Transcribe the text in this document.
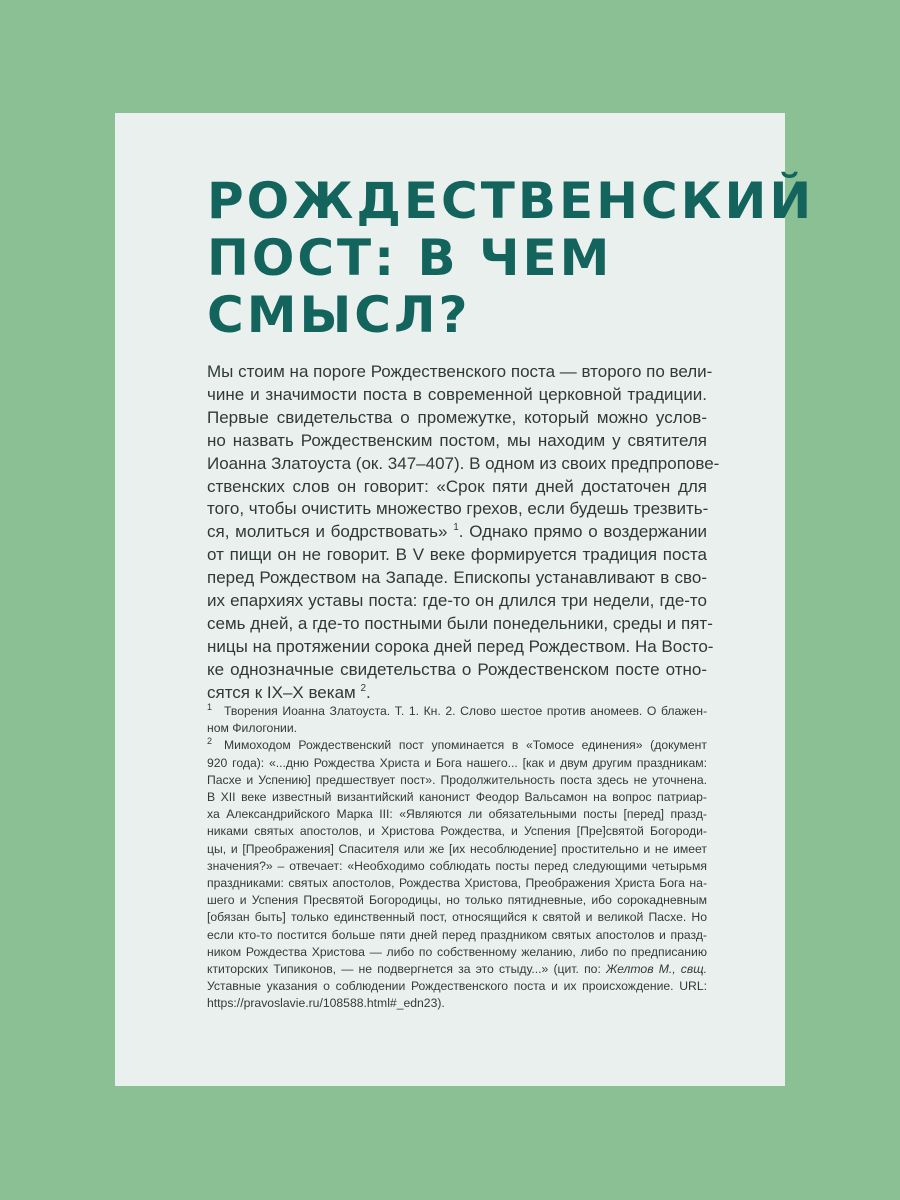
РОЖДЕСТВЕНСКИЙ
ПОСТ: В ЧЕМ
СМЫСЛ?
Мы стоим на пороге Рождественского поста — второго по вели-
чине и значимости поста в современной церковной традиции.
Первые свидетельства о промежутке, который можно услов-
но назвать Рождественским постом, мы находим у святителя
Иоанна Златоуста (ок. 347–407). В одном из своих предпропове-
ственских слов он говорит: «Срок пяти дней достаточен для
того, чтобы очистить множество грехов, если будешь трезвить-
ся, молиться и бодрствовать» $^1$. Однако прямо о воздержании
от пищи он не говорит. В V веке формируется традиция поста
перед Рождеством на Западе. Епископы устанавливают в сво-
их епархиях уставы поста: где-то он длился три недели, где-то
семь дней, а где-то постными были понедельники, среды и пят-
ницы на протяжении сорока дней перед Рождеством. На Восто-
ке однозначные свидетельства о Рождественском посте отно-
сятся к IX–X векам $^2$.
$^1$ Творения Иоанна Златоуста. Т. 1. Кн. 2. Слово шестое против аномеев. О блажен-
ном Филогонии.
$^2$ Мимоходом Рождественский пост упоминается в «Томосе единения» (документ
920 года): «...дню Рождества Христа и Бога нашего... [как и двум другим праздникам:
Пасхе и Успению] предшествует пост». Продолжительность поста здесь не уточнена.
В XII веке известный византийский канонист Феодор Вальсамон на вопрос патриар-
ха Александрийского Марка III: «Являются ли обязательными посты [перед] празд-
никами святых апостолов, и Христова Рождества, и Успения [Пре]святой Богороди-
цы, и [Преображения] Спасителя или же [их несоблюдение] простительно и не имеет
значения?» – отвечает: «Необходимо соблюдать посты перед следующими четырьмя
праздниками: святых апостолов, Рождества Христова, Преображения Христа Бога на-
шего и Успения Пресвятой Богородицы, но только пятидневные, ибо сорокадневным
[обязан быть] только единственный пост, относящийся к святой и великой Пасхе. Но
если кто-то постится больше пяти дней перед праздником святых апостолов и празд-
ником Рождества Христова — либо по собственному желанию, либо по предписанию
ктиторских Типиконов, — не подвергнется за это стыду...» (цит. по: Желтов М., свщ.
Уставные указания о соблюдении Рождественского поста и их происхождение. URL:
https://pravoslavie.ru/108588.html#_edn23).
